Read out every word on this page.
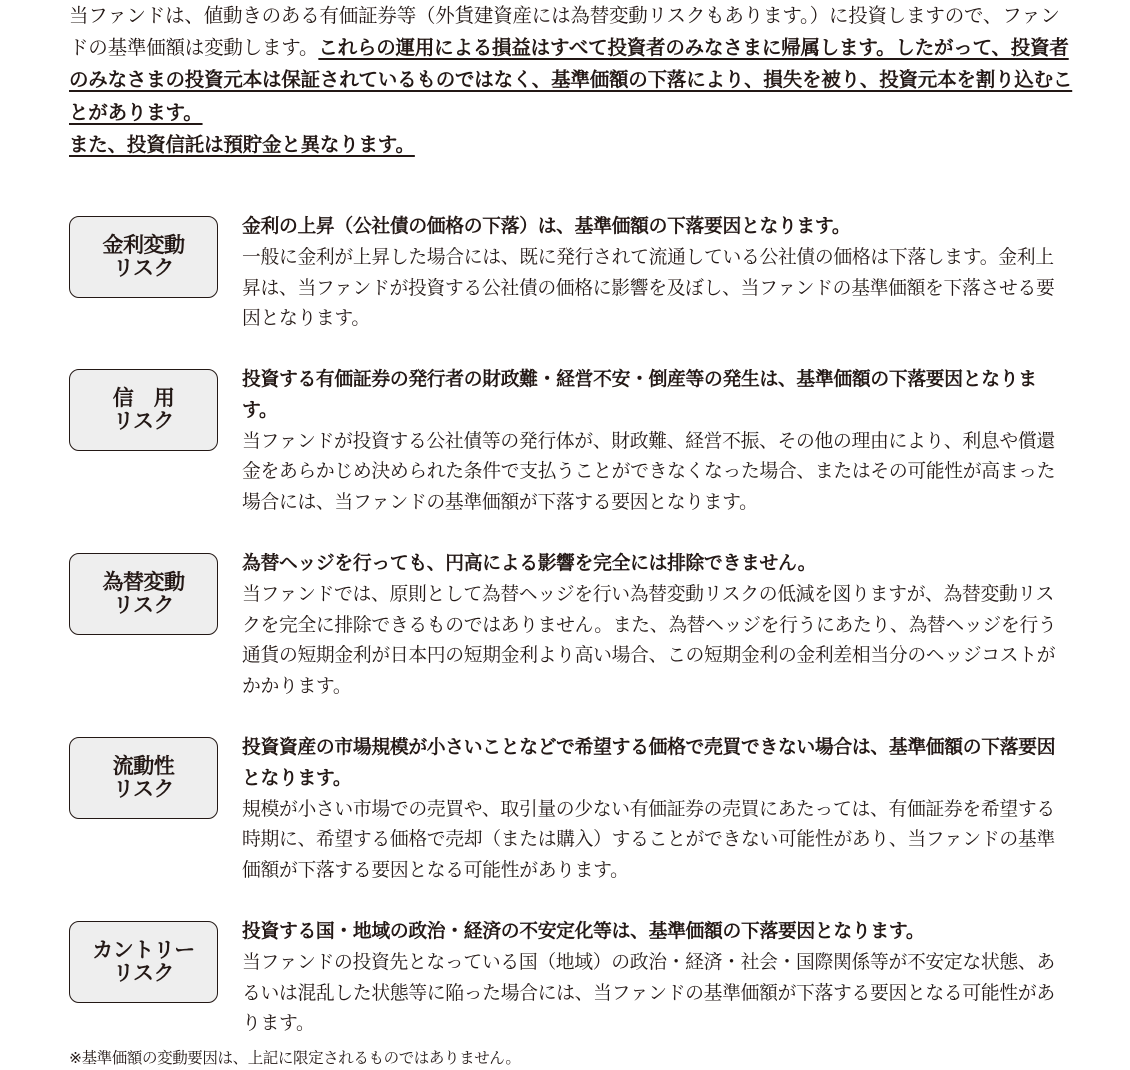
当ファンドは、値動きのある有価証券等（外貨建資産には為替変動リスクもあります。）に投資しますので、ファンドの基準価額は変動します。これらの運用による損益はすべて投資者のみなさまに帰属します。したがって、投資者のみなさまの投資元本は保証されているものではなく、基準価額の下落により、損失を被り、投資元本を割り込むことがあります。
また、投資信託は預貯金と異なります。
金利変動
リスク
金利の上昇（公社債の価格の下落）は、基準価額の下落要因となります。
一般に金利が上昇した場合には、既に発行されて流通している公社債の価格は下落します。金利上昇は、当ファンドが投資する公社債の価格に影響を及ぼし、当ファンドの基準価額を下落させる要因となります。
信　用
リスク
投資する有価証券の発行者の財政難・経営不安・倒産等の発生は、基準価額の下落要因となります。
当ファンドが投資する公社債等の発行体が、財政難、経営不振、その他の理由により、利息や償還金をあらかじめ決められた条件で支払うことができなくなった場合、またはその可能性が高まった場合には、当ファンドの基準価額が下落する要因となります。
為替変動
リスク
為替ヘッジを行っても、円高による影響を完全には排除できません。
当ファンドでは、原則として為替ヘッジを行い為替変動リスクの低減を図りますが、為替変動リスクを完全に排除できるものではありません。また、為替ヘッジを行うにあたり、為替ヘッジを行う通貨の短期金利が日本円の短期金利より高い場合、この短期金利の金利差相当分のヘッジコストがかかります。
流動性
リスク
投資資産の市場規模が小さいことなどで希望する価格で売買できない場合は、基準価額の下落要因となります。
規模が小さい市場での売買や、取引量の少ない有価証券の売買にあたっては、有価証券を希望する時期に、希望する価格で売却（または購入）することができない可能性があり、当ファンドの基準価額が下落する要因となる可能性があります。
カントリー
リスク
投資する国・地域の政治・経済の不安定化等は、基準価額の下落要因となります。
当ファンドの投資先となっている国（地域）の政治・経済・社会・国際関係等が不安定な状態、あるいは混乱した状態等に陥った場合には、当ファンドの基準価額が下落する要因となる可能性があります。
※基準価額の変動要因は、上記に限定されるものではありません。
